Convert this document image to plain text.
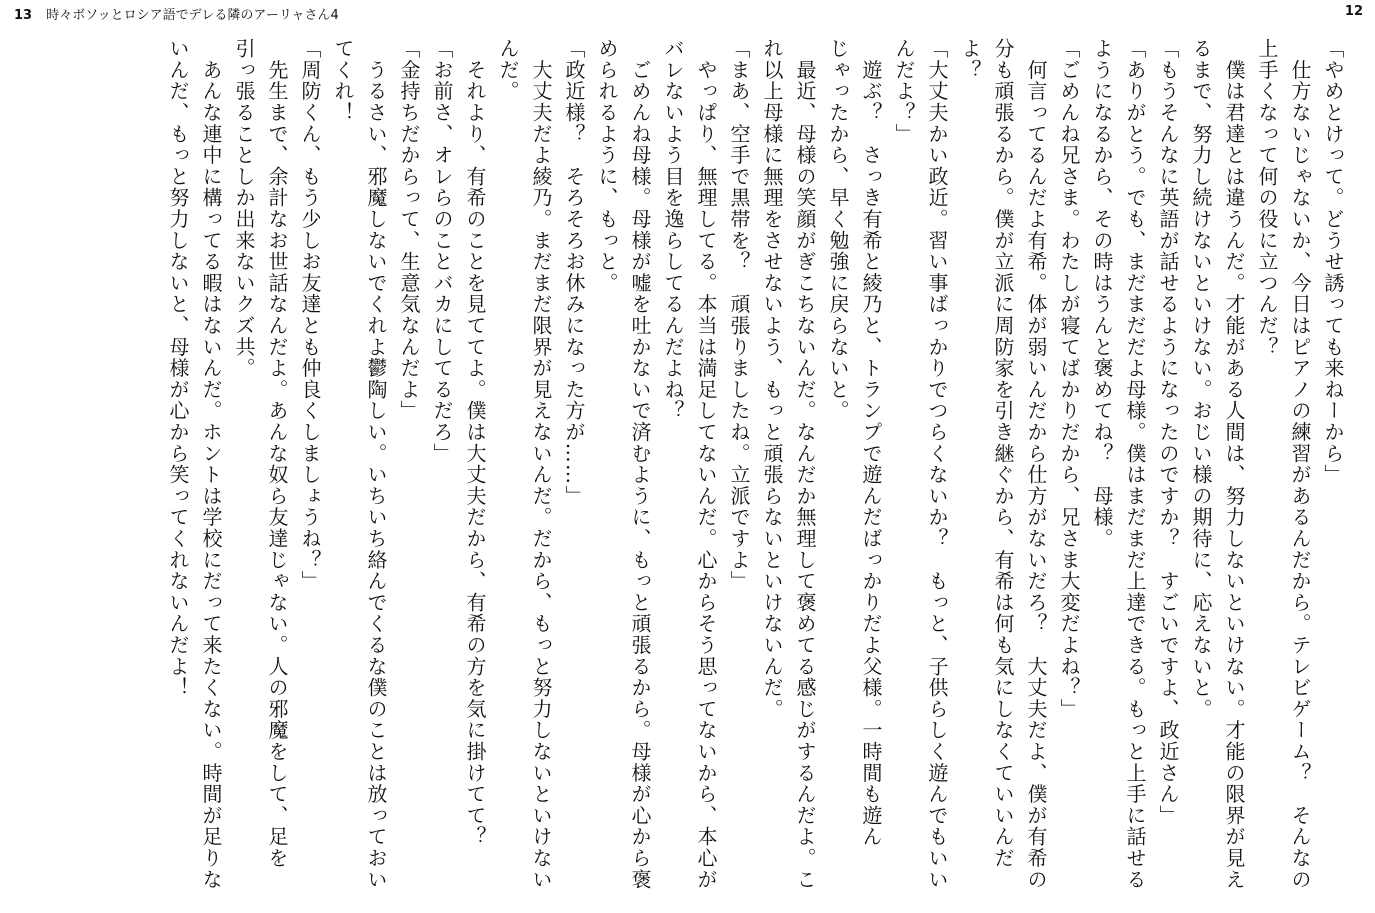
13 時々ボソッとロシア語でデレる隣のアーリャさん4	12
「やめとけって。どうせ誘っても来ねーから」
　仕方ないじゃないか、今日はピアノの練習があるんだから。テレビゲーム？　そんなの
上手くなって何の役に立つんだ？
　僕は君達とは違うんだ。才能がある人間は、努力しないといけない。才能の限界が見え
るまで、努力し続けないといけない。おじい様の期待に、応えないと。
「もうそんなに英語が話せるようになったのですか？　すごいですよ、政近さん」
「ありがとう。でも、まだまだだよ母様。僕はまだまだ上達できる。もっと上手に話せる
ようになるから、その時はうんと褒めてね？　母様。
「ごめんね兄さま。わたしが寝てばかりだから、兄さま大変だよね？」
　何言ってるんだよ有希。体が弱いんだから仕方がないだろ？　大丈夫だよ、僕が有希の
分も頑張るから。僕が立派に周防家を引き継ぐから、有希は何も気にしなくていいんだ
よ？
「大丈夫かい政近。習い事ばっかりでつらくないか？　もっと、子供らしく遊んでもいい
んだよ？」
　遊ぶ？　さっき有希と綾乃と、トランプで遊んだばっかりだよ父様。一時間も遊ん
じゃったから、早く勉強に戻らないと。
　最近、母様の笑顔がぎこちないんだ。なんだか無理して褒めてる感じがするんだよ。こ
れ以上母様に無理をさせないよう、もっと頑張らないといけないんだ。
「まあ、空手で黒帯を？　頑張りましたね。立派ですよ」
　やっぱり、無理してる。本当は満足してないんだ。心からそう思ってないから、本心が
バレないよう目を逸らしてるんだよね？
　ごめんね母様。母様が嘘を吐かないで済むように、もっと頑張るから。母様が心から褒
められるように、もっと。
「政近様？　そろそろお休みになった方が……」
　大丈夫だよ綾乃。まだまだ限界が見えないんだ。だから、もっと努力しないといけない
んだ。
　それより、有希のことを見ててよ。僕は大丈夫だから、有希の方を気に掛けてて？
「お前さ、オレらのことバカにしてるだろ」
「金持ちだからって、生意気なんだよ」
　うるさい、邪魔しないでくれよ鬱陶しい。いちいち絡んでくるな僕のことは放っておい
てくれ！
「周防くん、もう少しお友達とも仲良くしましょうね？」
　先生まで、余計なお世話なんだよ。あんな奴ら友達じゃない。人の邪魔をして、足を
引っ張ることしか出来ないクズ共。
　あんな連中に構ってる暇はないんだ。ホントは学校にだって来たくない。時間が足りな
いんだ、もっと努力しないと、母様が心から笑ってくれないんだよ！
